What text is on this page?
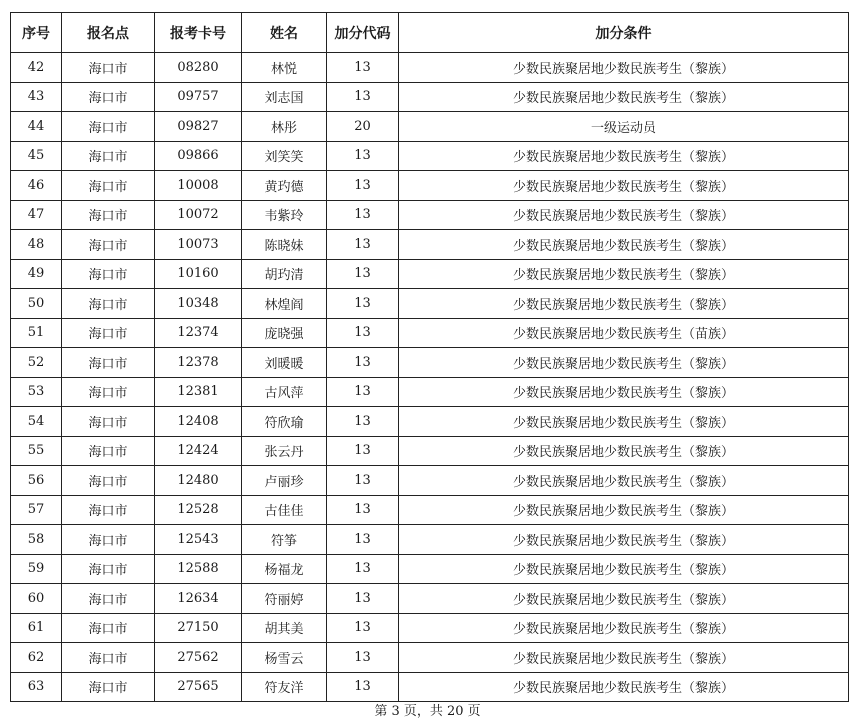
序号	报名点	报考卡号	姓名	加分代码	加分条件
42	海口市	08280	林悦	13	少数民族聚居地少数民族考生（黎族）
43	海口市	09757	刘志国	13	少数民族聚居地少数民族考生（黎族）
44	海口市	09827	林彤	20	一级运动员
45	海口市	09866	刘笑笑	13	少数民族聚居地少数民族考生（黎族）
46	海口市	10008	黄玓德	13	少数民族聚居地少数民族考生（黎族）
47	海口市	10072	韦紫玲	13	少数民族聚居地少数民族考生（黎族）
48	海口市	10073	陈晓妹	13	少数民族聚居地少数民族考生（黎族）
49	海口市	10160	胡玓清	13	少数民族聚居地少数民族考生（黎族）
50	海口市	10348	林煌阎	13	少数民族聚居地少数民族考生（黎族）
51	海口市	12374	庞晓强	13	少数民族聚居地少数民族考生（苗族）
52	海口市	12378	刘暖暖	13	少数民族聚居地少数民族考生（黎族）
53	海口市	12381	古风萍	13	少数民族聚居地少数民族考生（黎族）
54	海口市	12408	符欣瑜	13	少数民族聚居地少数民族考生（黎族）
55	海口市	12424	张云丹	13	少数民族聚居地少数民族考生（黎族）
56	海口市	12480	卢丽珍	13	少数民族聚居地少数民族考生（黎族）
57	海口市	12528	古佳佳	13	少数民族聚居地少数民族考生（黎族）
58	海口市	12543	符筝	13	少数民族聚居地少数民族考生（黎族）
59	海口市	12588	杨福龙	13	少数民族聚居地少数民族考生（黎族）
60	海口市	12634	符丽婷	13	少数民族聚居地少数民族考生（黎族）
61	海口市	27150	胡其美	13	少数民族聚居地少数民族考生（黎族）
62	海口市	27562	杨雪云	13	少数民族聚居地少数民族考生（黎族）
63	海口市	27565	符友洋	13	少数民族聚居地少数民族考生（黎族）
第 3 页，共 20 页
